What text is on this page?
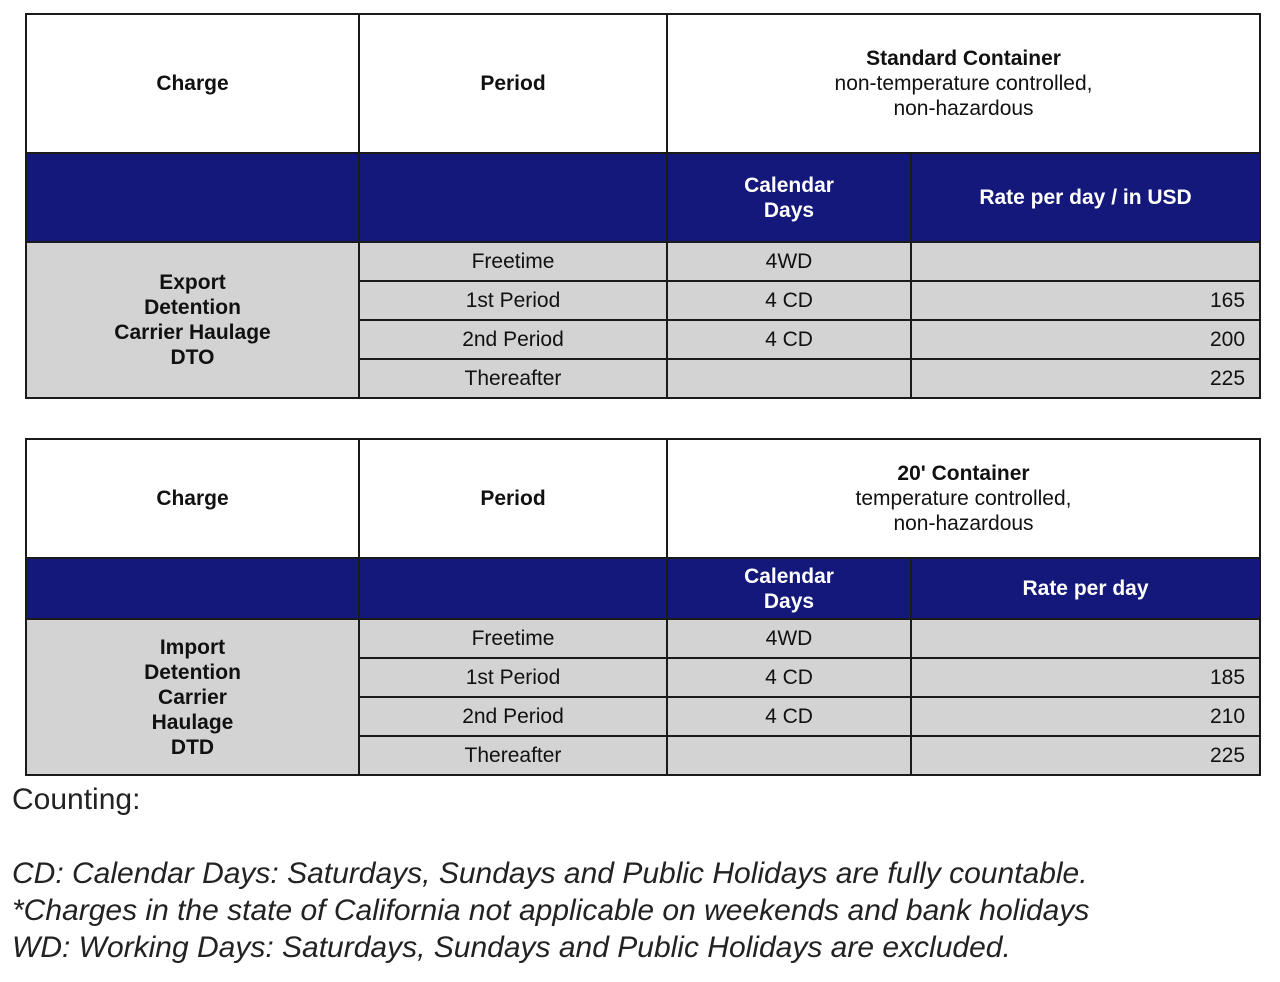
Charge	Period	Standard Container
non-temperature controlled,
non-hazardous	

		Calendar
Days	Rate per day / in USD
Export
Detention
Carrier Haulage
DTO	Freetime	4WD	
	1st Period	4 CD	165
	2nd Period	4 CD	200
	Thereafter		225
Charge	Period	20' Container
temperature controlled,
non-hazardous	

		Calendar
Days	Rate per day
Import
Detention
Carrier
Haulage
DTD	Freetime	4WD	
	1st Period	4 CD	185
	2nd Period	4 CD	210
	Thereafter		225
Counting:
CD: Calendar Days: Saturdays, Sundays and Public Holidays are fully countable.
*Charges in the state of California not applicable on weekends and bank holidays
WD: Working Days: Saturdays, Sundays and Public Holidays are excluded.
